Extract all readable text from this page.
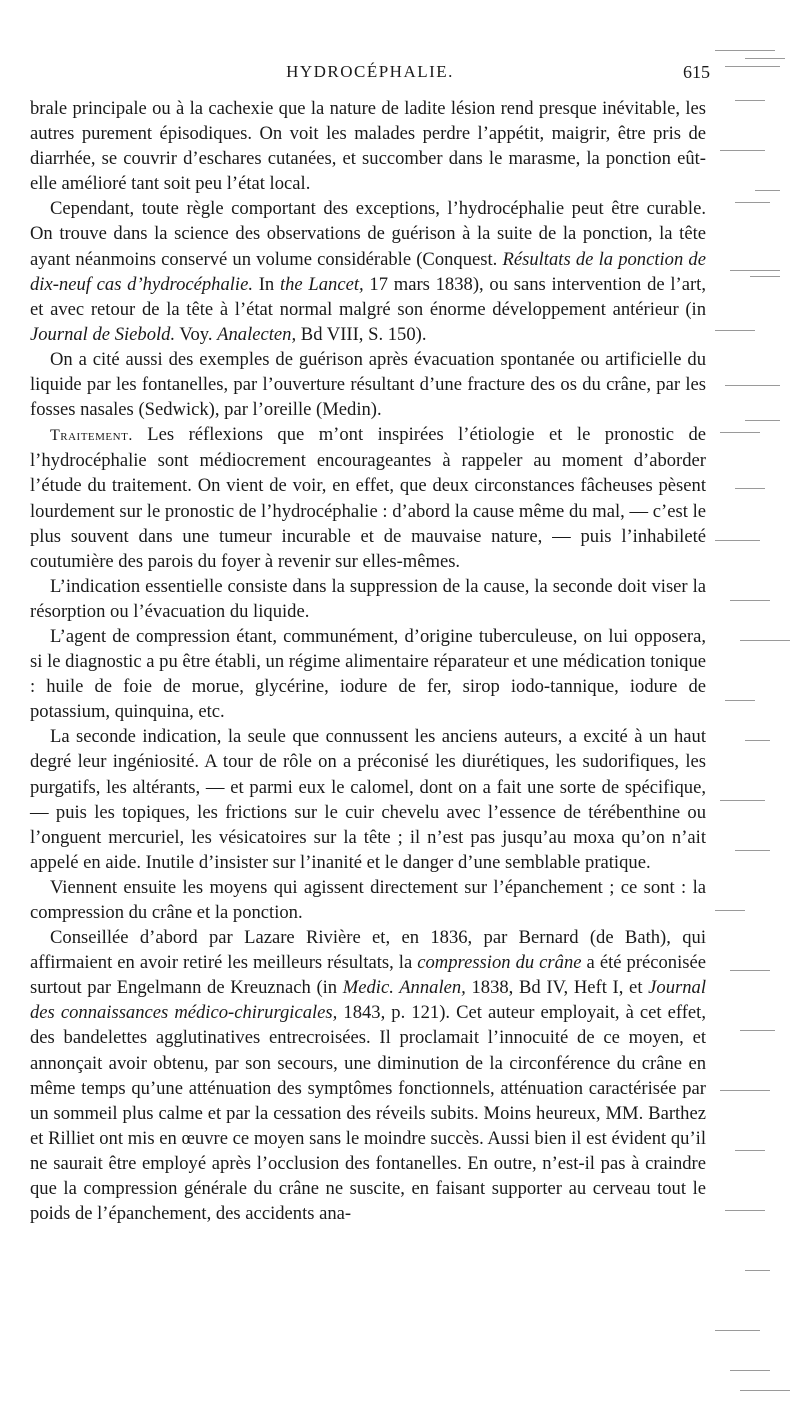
HYDROCÉPHALIE.	615

brale principale ou à la cachexie que la nature de ladite lésion rend presque inévitable, les autres purement épisodiques. On voit les malades perdre l’appétit, maigrir, être pris de diarrhée, se couvrir d’eschares cutanées, et succomber dans le marasme, la ponction eût-elle amélioré tant soit peu l’état local.

Cependant, toute règle comportant des exceptions, l’hydrocéphalie peut être curable. On trouve dans la science des observations de guérison à la suite de la ponction, la tête ayant néanmoins conservé un volume considérable (Conquest. Résultats de la ponction de dix-neuf cas d’hydrocéphalie. In the Lancet, 17 mars 1838), ou sans intervention de l’art, et avec retour de la tête à l’état normal malgré son énorme développement antérieur (in Journal de Siebold. Voy. Analecten, Bd VIII, S. 150).

On a cité aussi des exemples de guérison après évacuation spontanée ou artificielle du liquide par les fontanelles, par l’ouverture résultant d’une fracture des os du crâne, par les fosses nasales (Sedwick), par l’oreille (Medin).

Traitement. Les réflexions que m’ont inspirées l’étiologie et le pronostic de l’hydrocéphalie sont médiocrement encourageantes à rappeler au moment d’aborder l’étude du traitement. On vient de voir, en effet, que deux circonstances fâcheuses pèsent lourdement sur le pronostic de l’hydrocéphalie : d’abord la cause même du mal, — c’est le plus souvent dans une tumeur incurable et de mauvaise nature, — puis l’inhabileté coutumière des parois du foyer à revenir sur elles-mêmes.

L’indication essentielle consiste dans la suppression de la cause, la seconde doit viser la résorption ou l’évacuation du liquide.

L’agent de compression étant, communément, d’origine tuberculeuse, on lui opposera, si le diagnostic a pu être établi, un régime alimentaire réparateur et une médication tonique : huile de foie de morue, glycérine, iodure de fer, sirop iodo-tannique, iodure de potassium, quinquina, etc.

La seconde indication, la seule que connussent les anciens auteurs, a excité à un haut degré leur ingéniosité. A tour de rôle on a préconisé les diurétiques, les sudorifiques, les purgatifs, les altérants, — et parmi eux le calomel, dont on a fait une sorte de spécifique, — puis les topiques, les frictions sur le cuir chevelu avec l’essence de térébenthine ou l’onguent mercuriel, les vésicatoires sur la tête ; il n’est pas jusqu’au moxa qu’on n’ait appelé en aide. Inutile d’insister sur l’inanité et le danger d’une semblable pratique.

Viennent ensuite les moyens qui agissent directement sur l’épanchement ; ce sont : la compression du crâne et la ponction.

Conseillée d’abord par Lazare Rivière et, en 1836, par Bernard (de Bath), qui affirmaient en avoir retiré les meilleurs résultats, la compression du crâne a été préconisée surtout par Engelmann de Kreuznach (in Medic. Annalen, 1838, Bd IV, Heft I, et Journal des connaissances médico-chirurgicales, 1843, p. 121). Cet auteur employait, à cet effet, des bandelettes agglutinatives entrecroisées. Il proclamait l’innocuité de ce moyen, et annonçait avoir obtenu, par son secours, une diminution de la circonférence du crâne en même temps qu’une atténuation des symptômes fonctionnels, atténuation caractérisée par un sommeil plus calme et par la cessation des réveils subits. Moins heureux, MM. Barthez et Rilliet ont mis en œuvre ce moyen sans le moindre succès. Aussi bien il est évident qu’il ne saurait être employé après l’occlusion des fontanelles. En outre, n’est-il pas à craindre que la compression générale du crâne ne suscite, en faisant supporter au cerveau tout le poids de l’épanchement, des accidents ana-
